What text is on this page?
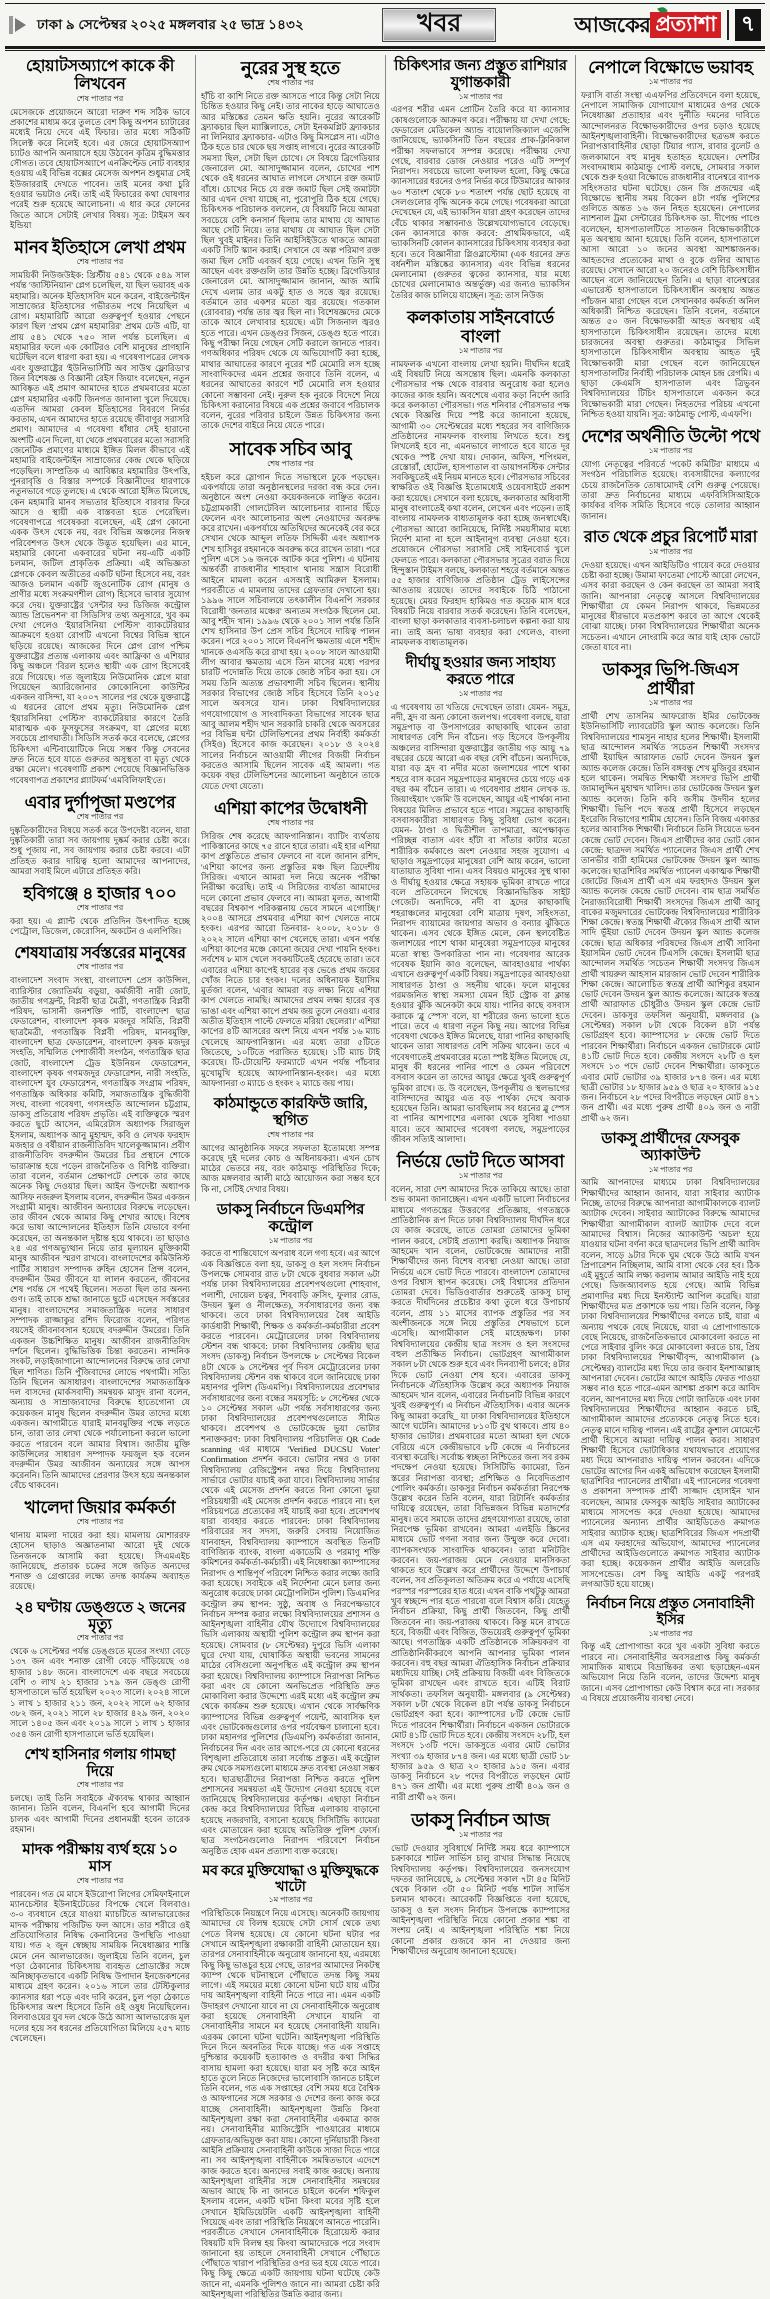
ঢাকা ৯ সেপ্টেম্বর ২০২৫ মঙ্গলবার ২৫ ভাদ্র ১৪৩২	খবর	আজকের প্রত্যাশা ৭
হোয়াটসঅ্যাপে কাকে কী লিখবেন
শেষ পাতার পর

মেসেজকে প্রয়োজনে আরো দারুণ শব্দ সঠিক ভাবে প্রকাশের মাধ্যম করে তুলতে বেশ কিছু অপশন চ্যাটারের মধ্যেই নিয়ে দেবে এই ফিচার। তার মধ্যে সঠিকটি সিলেক্ট করে নিলেই হবে। এর জেরে হোয়াটসঅ্যাপ চ্যাটও আপনি অনায়াসে হয়ে উঠবেন কৃত্রিম বুদ্ধিমত্তার সৌগত। তবে হোয়াটসঅ্যাপে এনক্রিপ্টেড নোট ব্যবহার হওয়ায় এই বিভিন্ন বক্সের মেসেজ অপশন শুধুমাত্র সেই ইউজাররাই দেখতে পাবেন। তাই মনের কথা চুরি হওয়ার ভয়টাও নেই। তাই এই ফিচারের কথা ঘোষণার পরেই শুরু হয়েছে আলোচনা। এ ধার করে ফোনের জিতে আসে সেটাই লেখার বিষয়। সূত্র: টাইমস অব ইন্ডিয়া

মানব ইতিহাসে লেখা প্রথম
শেষ পাতার পর

সাময়িকী নিউজউইক: খ্রিস্টীয় ৫৪১ থেকে ৫৪৯ সাল পর্যন্ত 'জাস্টিনিয়ান' প্লেগ চলেছিল, যা ছিল ভয়াবহ এক মহামারি। অনেক ইতিহাসবিদ মনে করেন, বাইজেন্টাইন সাম্রাজ্যের ইতিহাসের গভীরতম পথে নিয়েছিল এ রোগ। মহামারিটি আরো গুরুত্বপূর্ণ হওয়ার পেছনে কারণ ছিল 'প্রথম প্লেগ মহামারির' প্রথম ঢেউ এটি, যা প্রায় ৫৪১ থেকে ৭৫০ সাল পর্যন্ত চলেছিল। এ মহামারির ফলে এক কোটিরও বেশি মানুষের প্রাণহানি ঘটেছিল বলে ধারণা করা হয়। এ গবেষণাপত্রের লেখক এবং যুক্তরাষ্ট্রের 'ইউনিভার্সিটি অব সাউথ ফ্লোরিডা'র জিন বিশেষজ্ঞ ও বিজ্ঞানী রেইস জিয়াং বলেছেন, নতুন আবিষ্কৃত এই প্রমাণ আমাদের হাতে প্রথমবারের মতো প্লেগ মহামারির একটি জিনগত জানালা খুলে দিয়েছে। এতদিন আমরা কেবল ইতিহাসের বিবরণে নির্ভর করতাম, এখন আমাদের হাতে রয়েছে জীবাণুর সরাসরি প্রমাণ। আমাদের এ গবেষণা ধাঁধার সেই হারানো অংশটি এনে দিলো, যা থেকে প্রথমবারের মতো সরাসরি জেনেটিক প্রমাণের মাধ্যমে ইঙ্গিত মিলল কীভাবে এই মহামারি বাইজেন্টাইন সাম্রাজ্যের কেন্দ্র থেকে ছড়িয়ে পড়েছিল। সাম্প্রতিক এ আবিষ্কার মহামারির উৎপত্তি, পুনরাবৃত্তি ও বিস্তার সম্পর্কে বিজ্ঞানীদের ধারণাকে নতুনভাবে গড়ে তুলছে। এ থেকে আরো ইঙ্গিত মিলেছে, কেন মহামারি মানব সভ্যতার ইতিহাসে বারবার ফিরে আসে ও স্থায়ী এক বাস্তবতা হতে পেরেছিল। গবেষণাপত্রে গবেষকরা বলেছেন, এই প্লেগ কোনো একক উৎস থেকে নয়, বরং বিভিন্ন অঞ্চলের নিজস্ব পরিবেশগত উৎস থেকে উদ্ভূত হয়েছিল। এর মানে, মহামারি কোনো একবারের ঘটনা নয়-এটি একটি চলমান, জটিল প্রাকৃতিক প্রক্রিয়া। এই অভিজ্ঞতা প্লেগকে কেবল অতীতের একটি ঘটনা হিসেবে নয়, বরং আজও চলমান একটি জুওনোটিক রোগ (মানুষ ও প্রাণীর মধ্যে সংক্রমণশীল রোগ) হিসেবে ভাবার সুযোগ করে দেয়। যুক্তরাষ্ট্রের 'সেন্টার ফর ডিজিজ কন্ট্রোল অ্যান্ড প্রিভেনশন' বা সিডিসি'র তথ্য অনুসারে, খুব কম দেখা গেলেও 'ইয়ারসিনিয়া পেস্টিস' ব্যাকটেরিয়ার আক্রমণে হওয়া রোগটি এখনো বিশ্বের বিভিন্ন স্থানে ছড়িয়ে রয়েছে। আজকের দিনে প্লেগ রোগ পশ্চিম যুক্তরাষ্ট্রের প্রত্যন্ত এলাকায় এবং আফ্রিকা ও এশিয়ার কিছু অঞ্চলে 'বিরল হলেও স্থায়ী' এক রোগ হিসেবেই রয়ে গিয়েছে। গত জুলাইয়ে নিউমোনিক প্লেগে মারা গিয়েছেন অ্যারিজোনার কোকোনিনো কাউন্টির একজন বাসিন্দা, যা ২০০৭ সালের পর থেকে যুক্তরাষ্ট্রে এ ধরনের রোগে প্রথম মৃত্যু। নিউমোনিক প্লেগ 'ইয়ারসিনিয়া পেস্টিস' ব্যাকটেরিয়ার কারণে তৈরি মারাত্মক এক ফুসফুসের সংক্রমণ, যা প্লেগের মধ্যে সবচেয়ে প্রাণঘাতী। সিডিসি সতর্ক করে বলেছে, প্লেগের চিকিৎসা এন্টিবায়োটিকে নিয়ে সম্ভব 'কিন্তু সেবনের দ্রুত নিতে হবে যাতে গুরুতর অসুস্থতা বা মৃত্যু থেকে রক্ষা মেলে'। গবেষণাটি প্রকাশ পেয়েছে বিজ্ঞানভিত্তিক গবেষণাপত্র প্রকাশের প্ল্যাটফর্ম 'এমবিলিফাই'তে।

এবার দুর্গাপূজা মণ্ডপের
শেষ পাতার পর

দুষ্কৃতিকারীদের বিষয়ে সতর্ক করে উপদেষ্টা বলেন, যারা দুষ্কৃতিকারী তারা সব জায়গায় দুষ্কর্ম করার চেষ্টা করে। শুধু পূজায় না, সব জায়গায় করার চেষ্টা করবে। এটা প্রতিহত করার দায়িত্ব হলো আমাদের আপনাদের, আমরা সবাই মিলে এটারে প্রতিহত করি।

হবিগঞ্জে ৪ হাজার ৭০০
শেষ পাতার পর

করা হয়। এ প্ল্যান্ট থেকে প্রতিদিন উৎপাদিত হচ্ছে পেট্রোল, ডিজেল, কেরোসিন, অকটেন ও এলপিজি।

শেষযাত্রায় সর্বস্তরের মানুষের
শেষ পাতার পর

বাংলাদেশ সংবাদ সংস্থা, বাংলাদেশ প্রেস কাউন্সিল, ব্যারিস্টার জ্যোতির্ময় বড়ুয়া, কর্মজীবী নারী জোট, জাতীয় গণফ্রন্ট, বিপ্লবী ছাত্র মৈত্রী, গণতান্ত্রিক বিপ্লবী পরিষদ, ভাসানী জনশক্তি পার্টি, বাংলাদেশ ছাত্র ফেডারেশন, বাংলাদেশ কৃষক মজদুর সমিতি, বিপ্লবী ছাত্রমৈত্রী, গণতান্ত্রিক বিপ্লবী পরিষদ, মানবমুক্তি, বাংলাদেশ ছাত্র ফেডারেশন, বাংলাদেশ কৃষক মজদুর সংহতি, সম্মিলিত পেশাজীবী সংগঠন, গণতান্ত্রিক ছাত্র জোট, বাংলাদেশ ট্রেড ইউনিয়ন ফেডারেশন, বাংলাদেশ কৃষক গণমজদুর ফেডারেশন, নারী সংহতি, বাংলাদেশ যুব ফেডারেশন, গণতান্ত্রিক সংগ্রাম পরিষদ, গণতান্ত্রিক অধিকার কমিটি, সমাজতান্ত্রিক বুদ্ধিজীবী সংঘ, বাংলা গবেষণা, গণসংহতি আন্দোলন চট্টগ্রাম, ডাকসু প্রতিরোধ পরিষদ প্রভৃতি। এই ব্যক্তিত্বকে স্মরণ করতে ছুটে আসেন, এমিরেটাস অধ্যাপক সিরাজুল ইসলাম, অধ্যাপক আনু মুহাম্মদ, কবি ও লেখক ফরহাদ মজহার ও বর্ষীয়ান রাজনীতিবিদ খালেকুজ্জামান। প্রবীণ রাজনীতিবিদ বদরুদ্দীন উমরের চির প্রস্থানে শোকে ভারাক্রান্ত হয়ে পড়েন রাজনৈতিক ও বিশিষ্ট ব্যক্তিরা। তারা বলেন, বর্তমান প্রেক্ষাপটে দেশকে তার কাছে অনেক কিছু দেওয়ার ছিল। আইন উপদেষ্টা অধ্যাপক আসিফ নজরুল ইসলাম বলেন, বদরুদ্দীন উমর একজন সংগ্রামী মানুষ। আজীবন অন্যায়ের বিরুদ্ধে লড়েছেন। তার জীবন থেকে আমার কিছু শেখার আছে। বিশেষ করে ভাষা আন্দোলনের ইতিহাস তিনি যেভাবে বর্ণনা করেছেন, তা অনন্তকাল দৃষ্টান্ত হয়ে থাকবে। তা ছাড়াও ২৪ এর গণঅভ্যুত্থান নিয়ে তার মূল্যায়ন মুক্তিকামী মানুষ আজীবন স্মরণ রাখবে। বাংলাদেশের কমিউনিস্ট পার্টির সাধারণ সম্পাদক রুহিন হোসেন প্রিন্স বলেন, বদরুদ্দীন উমর জীবনে যা লালন করতেন, জীবনের শেষ পর্যন্ত সে পথেই ছিলেন। সততা ছিল তার অনন্য গুণ। তাই তাকে শ্রদ্ধা জানাতে ছুটে এসেছেন সর্বস্তরের মানুষ। বাংলাদেশের সমাজতান্ত্রিক দলের সাধারণ সম্পাদক রাজ্জাকুর রশিদ ফিরোজ বলেন, পরিণত বয়সেই জীবনাবসান হয়েছে বদরুদ্দীন উমরের। তিনি একজন উচ্চশিক্ষিত মানুষ। আজীবন রাজনীতিবিদ দর্শনে ছিলেন। বুদ্ধিভিত্তিক চিন্তা করতেন। নান্দনিক সংকট, লড়াইজাগানো আন্দোলনের বিরুদ্ধে তার লেখা ছিল শাণিত। তিনি পুঁজিবাদের লোভে পথগামী। সত্যি তিনি ছিলেন অসাধারণ। বাংলাদেশের সমাজতান্ত্রিক দল বাসদের (মার্কসবাদী) সমন্বয়ক মাসুদ রানা বলেন, অন্যায় ও সাম্রাজ্যবাদের বিরুদ্ধে হাতেগোনা যে কয়েকজন মানুষ ছিলেন বদরুদ্দীন উমর তাদের মধ্যে একজন। আগামীতে যারাই মানবমুক্তির পক্ষে লড়তে চান, তারা তার লেখা থেকে পর্যালোচনা করলে ভালো করতে পারবেন বলে আমার বিশ্বাস। জাতীয় মুক্তি কাউন্সিলের সাধারণ সম্পাদক ফয়জুল হক বলেন বদরুদ্দীন উমর আজীবন অন্যায়ের সঙ্গে আপস করেননি। তিনি আমাদের প্রেরণার উৎস হয়ে অনন্তকাল বেঁচে থাকবেন।

খালেদা জিয়ার কর্মকর্তা
শেষ পাতার পর

থানায় মামলা দায়ের করা হয়। মামলায় মোশাররফ হোসেন ছাড়াও অজ্ঞাতনামা আরো দুই থেকে তিনজনকে আসামি করা হয়েছে। সিএমএইচ জানিয়েছে, প্রতারক চক্রের সঙ্গে জড়িত অন্যদের শনাক্ত ও গ্রেপ্তারের লক্ষ্যে তদন্ত কার্যক্রম অব্যাহত রয়েছে।

২৪ ঘণ্টায় ডেঙ্গুতে ২ জনের মৃত্যু
শেষ পাতার পর

থেকে ৬ সেপ্টেম্বর পর্যন্ত ডেঙ্গুতে মৃতের সংখ্যা বেড়ে ১৩৭ জন এবং শনাক্ত রোগী বেড়ে দাঁড়িয়েছে ৩৪ হাজার ১৪৮ জনে। বাংলাদেশে এক বছরে সবচেয়ে বেশি ৩ লাখ ২১ হাজার ১৭৯ জন ডেঙ্গু রোগী হাসপাতালে ভর্তি হয়েছিল ২০২৩ সালে। ২০২৪ সালে ১ লাখ ১ হাজার ২১১ জন, ২০২২ সালে ৬২ হাজার ৩৮২ জন, ২০২১ সালে ২৮ হাজার ৪২৯ জন, ২০২০ সালে ১৪০৫ জন এবং ২০১৯ সালে ১ লাখ ১ হাজার ৩৫৪ জন রোগী হাসপাতালে ভর্তি হয়েছিল।

শেখ হাসিনার গলায় গামছা দিয়ে
শেষ পাতার পর

চলছে। তাই তিনি সবাইকে ঐক্যবদ্ধ থাকার আহ্বান জানান। তিনি বলেন, বিএনপি হবে আগামী দিনের চালক এবং আগামী দিনের প্রধানমন্ত্রী হবেন তারেক রহমান।

মাদক পরীক্ষায় ব্যর্থ হয়ে ১০ মাস
শেষ পাতার পর

পারবেন। গত মে মাসে ইউরোপা লিগের সেমিফাইনালে ম্যানচেস্টার ইউনাইটেডের বিপক্ষে খেলে বিলবাও। ৩-০ ব্যবধানে হেরে যাওয়া ম্যাচটিতে আলভারেজের মাদক পরীক্ষায় পজিটিভ ফল আসে। তার শরীরে ওই প্রতিযোগিতার নিষিদ্ধ কেনাবিনের উপস্থিতি পাওয়া যায়। গত ২ জুন স্বেচ্ছায় সাময়িক নিষেধাজ্ঞার শাস্তি মেনে নেন আলভারেজ। জুলাইয়ে তিনি বলেন, চুল পড়া ঠেকানোর চিকিৎসায় ব্যবহৃত প্রোডাক্টের সঙ্গে অনিচ্ছাকৃতভাবে একটি নিষিদ্ধ উপাদান ইনজেকশনের মাধ্যমে গ্রহণ করেন। ২০১৬ সালে তার টেস্টিকুলার ক্যানসার ধরা পড়ে এবং দাবি করেন, চুল পড়া ঠেকাতে চিকিৎসার অংশ হিসেবে তিনি ওই ওষুধ নিয়েছিলেন। বিলবাওয়ের যুব দল থেকে উঠে আসা আলভারেজ মূল দলের হয়ে সব ধরনের প্রতিযোগিতা মিলিয়ে ২৫৭ ম্যাচ খেলেছেন।

নুরের সুস্থ হতে
শেষ পাতার পর

হাঁচি বা কাশি নিতে রক্ত আসতে পারে কিন্তু সেটা নিয়ে চিন্তিত হওয়ার কিছু নেই। তার নাকের হাড়ে আঘাতেও আর মস্তিষ্কের তেমন ক্ষতি হয়নি। নুরের আরেকটি ফ্র্যাকচার ছিল ম্যাক্সিলাতে, সেটা ইনকমপ্লিট ফ্র্যাকচার না লিনিয়ার ফ্র্যাকচার- এটাও কিছু মিসপ্লেস না। এটাও ঠিক হতে চার থেকে ছয় সপ্তাহ লাগবে। নুরের আরেকটি সমস্যা ছিল, সেটা ছিল চোখে। সে বিষয়ে ব্রিগেডিয়ার জেনারেল মো. আসাদুজ্জামান বলেন, চোখের পাশ থেকে ওই ধরনের আঘাত লাগলে সেখানে রক্ত জমাট বাঁধে। চোখের নিচে যে রক্ত জমাট ছিল সেই জমাটটা আর এখন দেখা যাচ্ছে না, পুরোপুরি ঠিক হয়ে গেছে। চিকিৎসক পরিচালক বললেন, যে বিষয়টি নিয়ে আমরা সবচেয়ে বেশি কনসার্ন ছিলাম তার মাথায় যে আঘাত আছে সেটি নিয়ে। তার মাথায় যে আঘাত ছিল সেটা ছিল খুবই মাইনর। তিনি আইসিইউতে থাকতে আমরা একটি সিটি স্ক্যান করাই। সেখানে যে অল্প পরিমাণ রক্ত জমা ছিল সেটি এবজর্ব হয়ে গেছে। এখন তিনি সুস্থ আছেন এবং রক্তগুলি তার উন্নতি হচ্ছে। ব্রিগেডিয়ার জেনারেল মো. আসাদুজ্জামান জানান, আজ আমি দেখে এলাম তার একটু হাত ও সত্তে জ্বর রয়েছে। বর্তমানে তার একশর মতো জ্বর রয়েছে। গতকাল (রোববার) পর্যন্ত তার জ্বর ছিল না। বিশেষজ্ঞদের মেকে তাকে আবে লেখাবার হয়েছে। এটা সিজনাল জ্বরও হতে পারে। এখন ডেঙ্গুর সিজন, ডেঙ্গু হতে পারে। কিছু পরীক্ষা নিয়ে গেছেন সেটি করালে জানতে পারব। গণঅধিকার পরিষদ থেকে যে অভিযোগটি করা হচ্ছে, মাথার আঘাতের কারণে নুরের শর্ট মেমোরি লস হচ্ছে সাংবাদিকদের এমন প্রশ্নের জবাবে তিনি বলেন, এ ধরনের আঘাতের কারণে শর্ট মেমোরি লস হওয়ার কোনো সম্ভাবনা নেই। নুরুল হক নুরকে বিদেশে নিয়ে চিকিৎসা করানোর বিষয়ে এক প্রশ্নের জবাবে পরিচালক বলেন, নুরের পরিবার চাইলে উন্নত চিকিৎসার জন্য তাকে দেশের বাইরে নিয়ে যেতে পারে।

সাবেক সচিব আবু
শেষ পাতার পর

হইচল করে স্লোগান দিতে সভাস্থলে ঢুকে পড়ছেন। একপর্যায়ে তারা অনুষ্ঠানস্থলের দরজা বন্ধ করে দেন। অনুষ্ঠানে অংশ নেওয়া কয়েকজনকে লাঞ্ছিত করেন। চট্টগ্রামকারী গোলটেবিল আলোচনার ব্যানার ছিঁড়ে ফেলেন এবং আলোচনার অংশ নেওয়াদের অবরুদ্ধ করে রাখেন। একপর্যায়ে অতিথিদের অনেকেই বের করে সেখান থেকে আব্দুল লতিফ সিদ্দিকী এবং অধ্যাপক শেখ হাসিবুর রহমানকে অবরুদ্ধ করে রাখেন তারা। পরে পুলিশ এসে ১৬ জনকে আটক করে পুলিশ। এ ঘটনায় অন্তর্বর্তী রাজধানীর শাহবাগ থানায় সন্ত্রাস বিরোধী আইনে মামলা করেন এসআই আমিরুল ইসলাম। পরবর্তীতে এ মামলায় তাদের গ্রেফতার দেখানো হয়। ১৯৯৬ সালে সচিবালয়ে তৎকালীন বিএনপি সরকার বিরোধী 'জনতার মঞ্চের' অন্যতম সংগঠক ছিলেন মো. আবু শহীদ খান। ১৯৯৬ থেকে ২০০১ সাল পর্যন্ত তিনি শেখ হাসিনার উপ প্রেস সচিব হিসেবে দায়িত্ব পালন করেন। পরে ২০০১ সালে বিএনপি ক্ষমতায় এলে শহীদ খানকে ওএসডি করে রাখা হয়। ২০০৮ সালে আওয়ামী লীগ আবার ক্ষমতায় এসে তিন মাসের মধ্যে পরপর চারটি পদোন্নতি দিয়ে তাকে জ্যেষ্ঠ সচিব করা হয়। সে সময় তিনি অত্যন্ত প্রভাবশালী সচিব ছিলেন। স্থানীয় সরকার বিভাগের জ্যেষ্ঠ সচিব হিসেবে তিনি ২০১৫ সালে অবসরে যান। ঢাকা বিশ্ববিদ্যালয়ের গণযোগাযোগ ও সাংবাদিকতা বিভাগের সাবেক ছাত্র আবু আলম শহীদ খান সরকারি চাকরি থেকে অবসরের পর বিভিন্ন ঘন্টা টেলিভিশনের প্রথম নির্বাহী কর্মকর্তা (সিইও) হিসেবে কাজ করেছেন। ২০১৮ ও ২০২৪ সালের নির্বাচনে আওয়ামী লীগের বিজয়ী নির্বাচন করতেও আসামি ছিলেন সাবেক এই আমলা। গত কয়েক বছর টেলিভিশনের আলোচনা অনুষ্ঠানে তাকে যেতে দেখা যেতো।

এশিয়া কাপের উদ্বোধনী
শেষ পাতার পর

সিরিজ শেষ করেছে আফগানিস্তান। ব্যাটিং ব্যর্থতায় পাকিস্তানের কাছে ৭৫ রানে হারে তারা। এই হার এশিয়া কাপ প্রস্তুতিতে প্রভাব ফেলবে না বলে জানান রশিদ, 'এশিয়া কাপের জন্য প্রস্তুতির মঞ্চ ছিল ত্রিদেশীয় সিরিজ। এখানে আমরা দল নিয়ে অনেক পরীক্ষা নিরীক্ষা করেছি। তাই এ সিরিজের ব্যর্থতা আমাদের দলে কোনো প্রভাব ফেলবে না। আমরা মূলত, আগামী বছরের বিশ্বকাপ পরিকল্পনায় ভেবে সামনে এগোচ্ছি।' ২০০৪ আসরে প্রথমবার এশিয়া কাপ খেলতে নামে হংকং। এরপর আরো তিনবার- ২০০৮, ২০১৮ ও ২০২২ সালে এশিয়া কাপ খেলেছে তারা। এখন পর্যন্ত এশিয়া কাপের মঞ্চে কোনো জয়ের দেখা পায়নি হংকং। সর্বশেষ ৮ মাস খেলে সবকয়টিতেই হেরেছে তারা। তবে এবারের এশিয়া কাপেই হারের বৃত্ত ভেঙে প্রথম জয়ের খোঁজ নিতে চার হংকং। দলের অধিনায়ক ইয়াসিম মুর্তজা বলেন, 'এবার আমরা বড় লক্ষ্য নিয়ে এশিয়া কাপ খেলতে নামছি। আমাদের প্রথম লক্ষ্য হারের বৃত্ত ভাঙা এবং এশিয়া কাপে প্রথম জয় তুলে নেওয়া। এবার অতীত ইতিহাস পাল্টে ফেলতে মরিয়া ছেলেরা।' এশিয়া কাপের ৪টি আসরের অংশ নিয়ে এখন পর্যন্ত ১৬ ম্যাচ খেলেছে আফগানিস্তান। এর মধ্যে তারা ৫টিতে জিতেছে, ১০টিতে পরাজিত হয়েছে। ১টি ম্যাচ টাই করেছে। টি-টোয়েন্টি ফরম্যাটে এখন পর্যন্ত পাঁচবার মুখোমুখি হয়েছে আফগানিস্তান-হংকং। এর মধ্যে আফগানরা ৩ ম্যাচে ও হংকং ২ ম্যাচে জয় পায়।

কাঠমান্ডুতে কারফিউ জারি, স্থগিত
শেষ পাতার পর

আগের আনুষ্ঠানিক সফরে সফলতা ইতোমধ্যে সম্পন্ন করেছে দুই দলের কোচ ও অধিনায়করা। এখন চোখ মাঠের ভেতরে নয়, বরং কাঠমান্ডু পরিস্থিতির দিকে; আজ মঙ্গলবার আলী মাঠে আয়োজন করা সম্ভব হবে কি না, সেটিই দেখার বিষয়।

ডাকসু নির্বাচনে ডিএমপির কন্ট্রোল
১ম পাতার পর

করতে বা শান্তিযোগে অপরাধ বলে গণ্য হবে। এর আগে এক বিজ্ঞপ্তিতে বলা হয়, ডাকসু ও হল সংসদ নির্বাচন উপলক্ষে সোমবার রাত ৮টা থেকে বুধবার সকাল ৬টা পর্যন্ত ঢাকা বিশ্ববিদ্যালয়ের প্রবেশপথগুলো (শাহবাগ, পলাশী, দোয়েল চত্বর, শিববাড়ি ক্রসিং, ফুলার রোড, উদয়ন স্কুল ও নীলক্ষেত), সর্বসাধারণের জন্য বন্ধ থাকবে। তবে ঢাকা বিশ্ববিদ্যালয়ের বৈধ আইডি কার্ডধারী শিক্ষার্থী, শিক্ষক ও কর্মকর্তা-কর্মচারীরা প্রবেশ করতে পারবেন। মেট্রোরেলের ঢাকা বিশ্ববিদ্যালয় স্টেশন বন্ধ থাকবে: ঢাকা বিশ্ববিদ্যালয় কেন্দ্রীয় ছাত্র সংসদ (ডাকসু) নির্বাচন উপলক্ষে ৮ সেপ্টেম্বর বিকেল ৪টা থেকে ৯ সেপ্টেম্বর পূর্ব দিবস মেট্রোরেলের ঢাকা বিশ্ববিদ্যালয় স্টেশন বন্ধ থাকবে বলে জানিয়েছে ঢাকা মহানগর পুলিশ (ডিএমপি)। বিশ্ববিদ্যালয়ের প্রবেশদ্বার সর্বসাধারণের জন্য বন্ধের সময়সূচি: ৮ সেপ্টেম্বর থেকে ১০ সেপ্টেম্বর সকাল ৬টা পর্যন্ত সর্বসাধারণের জন্য ঢাকা বিশ্ববিদ্যালয়ের প্রবেশপথগুলোতে সীমিত থাকবে। প্রবেশপথ ও ভোটকেন্দ্রে ভুয়া ভোটার শনাক্তকরণ: ঢাকা বিশ্ববিদ্যালয় পরিচালিত QR Code scanning এর মাধ্যমে 'Verified DUCSU Voter' Confirmation প্রদর্শন করবে। ভোটার নম্বর ও ঢাকা বিশ্ববিদ্যালয় রেজিস্ট্রেশন নম্বর দিয়ে বিশ্ববিদ্যালয় সার্ভারে ভোটার যাচাই করা যাবে। বিশ্ববিদ্যালয় সার্ভার থেকে এই মেসেজ প্রদর্শন করতে বিনা কোনো ভুয়া পরিচয়ধারী এই মেসেজ প্রদর্শন করতে পারবে না। হল পরিচয়পত্রে প্রত্যেকের সই যাচাই করা হবে। প্রবেশপথ যারা ব্যবহার করতে পারবেন: ঢাকা বিশ্ববিদ্যালয় পরিবারের সব সদস্য, জরুরি সেবায় নিয়োজিত যানবাহন, বিশ্ববিদ্যালয় ক্যাম্পাসে অবস্থিত তিনটি বাণিজ্যিক ব্যাংক, বাংলা একাডেমি ও পরমাণু শক্তি কমিশনের কর্মকর্তা-কর্মচারী। এই নিষেধাজ্ঞা ক্যাম্পাসের নিরাপদ ও শান্তিপূর্ণ পরিবেশ নিশ্চিত করার লক্ষ্যে জারি করা হয়েছে। সবাইকে এই নির্দেশনা মেনে চলার জন্য অনুরোধ করেছে ঢাকা মেট্রোপলিটন পুলিশ। ডিএমপির কন্ট্রোল রুম স্থাপন: সুষ্ঠু, অবাধ ও নিরপেক্ষভাবে নির্বাচন সম্পন্ন করার লক্ষ্যে বিশ্ববিদ্যালয়ের প্রশাসন ও আইনশৃঙ্খলা বাহিনীর যৌথ উদ্যোগে বিশ্ববিদ্যালয়ের ভিসি এলাকায় অস্থায়ী পুলিশ কন্ট্রোল রুম স্থাপন করা হয়েছে। সোমবার (৮ সেপ্টেম্বর) দুপুরে ভিসি এলাকা ঘুরে দেখা যায়, ঘোষার্কিত অস্থায়ী ভবনের সামনের মাঠের বেসিগুলো অনুপস্থিত এই কন্ট্রোল রুম স্থাপন করা হয়েছে। বিশ্ববিদ্যালয় ক্যাম্পাসে নিরাপত্তা নিশ্চিত করা এবং যে কোনো অনভিপ্রেত পরিস্থিতি দ্রুত মোকাবিলা করার উদ্দেশ্যে এরই মধ্যে এই কন্ট্রোল রুম থেকে কার্যক্রম শুরু হয়েছে। এখান থেকে সার্বক্ষণিক ক্যাম্পাসের বিভিন্ন গুরুত্বপূর্ণ পয়েন্ট, আবাসিক হল এবং ভোটকেন্দ্রগুলোর ওপর পর্যবেক্ষণ চালানো হবে। ঢাকা মহানগর পুলিশের (ডিএমপি) কর্মকর্তারা জানান, নির্বাচনের দিন এবং তার আগে-পরে যে কোনো ধরনের বিশৃঙ্খলা প্রতিরোধে তারা সর্বোচ্চ প্রস্তুত। এই কন্ট্রোল রুম থেকে সমস্যগুলো মাধ্যমে দ্রুত ব্যবস্থা নেওয়া সম্ভব হবে। ছাত্রছাত্রীদের নিরাপত্তা নিশ্চিত করতে পুলিশ প্রশাসনের সমন্বয়তা এই উদ্যোগ নেওয়া হয়েছে বলে জানিয়েছে বিশ্ববিদ্যালয়ের কর্তৃপক্ষ। এছাড়া নির্বাচন কেন্দ্র করে বিশ্ববিদ্যালয়ের বিভিন্ন এলাকায় বাড়ানো হয়েছে নজরদারি, বসানো হয়েছে সিসিটিভি ক্যামেরা এবং মোতায়েন করা হয়েছে অতিরিক্ত পুলিশ ফোর্স। ছাত্র সংগঠনগুলোও নিরাপদ পরিবেশে নির্বাচন অনুষ্ঠিত হোক এমন প্রত্যাশা ব্যক্ত করেছে।

মব করে মুক্তিযোদ্ধা ও মুক্তিযুদ্ধকে খাটো
১ম পাতার পর

পরিস্থিতিকে নিয়ন্ত্রণে নিয়ে এসেছে। অনেকটি জায়গায় আমাদের যে বিলম্ব হয়েছে সেটা সোর্স থেকে তথ্য পেতে বিলম্ব হয়েছে। যে কোনো ঘটনা ঘটার পর সেখানে আইনশৃঙ্খলা রক্ষাকারী বাহিনী মোতায়েন হয়। তারপর সেনাবাহিনীকে অনুরোধ জানানো হয়, এরমধ্যে কিছু কিছু ভাঙচুর হয়ে গেছে, তারপর আমাদের নিকটস্থ ক্যাম্প থেকে ঘটনাস্থলে পৌঁছাতে তদন্ত কিছু সময় লাগে। এই সময়ের মধ্যে কোনো ঘটনা ঘটে যায় এটির দায় আইনশৃঙ্খলা বাহিনী নিতে পারে না। এমন একটি উদাহরণ দেখানো যাবে না যে সেনাবাহিনীকে অনুরোধ করা হয়েছে সেনাবাহিনী সেখানে যায়নি বা সেনাবাহিনীর সামনে মব হয়েছে সেনাবাহিনী যায়নি। এরকম কোনো ঘটনা ঘটেনি। আইনশৃঙ্খলা পরিস্থিতি দিনে দিনে অবনতির দিকে যাচ্ছে। গত এক সপ্তাহে দুশ্চিন্তার কয়েকটি হত্যাকাণ্ড ও বদরীর কথা সিদ্ধির বাসায় হামলা করা হয়েছে। যারা মব সৃষ্টি করে আইন হাতে তুলে নিতে নিজেদের ভালোবাসি জানতে চাইলে তিনি বলেন, গত এক সপ্তাহের বেশি সময় ধরে বৈশ্বিক ও আফগানের সঙ্গে সরকার ও দেশের জন্য কাজ করে যাচ্ছে সেনাবাহিনী। আইনশৃঙ্খলা উন্নতি কিংবা আইনশৃঙ্খলা রক্ষা করা সেনাবাহিনীর একমাত্র কাজ নয়। সেনাবাহিনীর ম্যাজিস্ট্রেসি পাওয়ারের মাধ্যমে গ্রেফতার/অভিযুক্ত করা যায়। কোনো দুর্নিয়াচারী কিংবা আইনি প্রক্রিয়ায় সেনাবাহিনী কাউকে সাজা দিতে পারে না। সব আইনশৃঙ্খলা বাহিনীকে সমন্বিতভাবে এদেশে কাজ করতে হবে। অন্যদের সবাই কাজ করছে। অন্যায় আইনশৃঙ্খলা বাহিনীর সঙ্গে সেনাবাহিনীর সমন্বয়ের অভাব আছে কি না জানতে চাইলে কর্নেল শফিকুল ইসলাম বলেন, একটি ঘটনা কিংবা মবের সৃষ্টি হলে সেখানে ইমিডিয়েটলি একটি আইনশৃঙ্খলা বাহিনী গিয়েছে এবং তারা পরিস্থিতি নিয়ন্ত্রণে আনতে পারেনি। পরবর্তীতে সেখানে সেনাবাহিনীকে হিরোয়েস্ট করার বিষয়টি যদি বিলম্ব হয় কিংবা আমাদেরকে পরে সংবাদ জানানো হয় তাহলে সেনাবাহিনী সেখানে পৌঁছাতে পৌঁছাতে খারাপ পরিস্থিতির ওপর ভর হয়ে যেতে পারে। কিছু কিছু ক্ষেত্রে একটি জায়গায় ঘটনা ঘটেছে কেউ জানে না, এমনকি পুলিশও জানে না। আমরা চেষ্টা করি আইনশৃঙ্খলা পরিস্থিতির উন্নতি করার জন্য।

চিকিৎসার জন্য প্রস্তুত রাশিয়ার যুগান্তকারী
১ম পাতার পর

এরপর শরীর এমন প্রোটিন তৈরি করে যা ক্যানসার কোষগুলোকে আক্রমণ করে। পরীক্ষায় যা দেখা গেছে: ফেডারেল মেডিকেল অ্যান্ড বায়োলজিক্যাল এজেন্সি জানিয়েছে, ভ্যাকসিনটি তিন বছরের প্রাক-ক্লিনিকাল পরীক্ষা সফলভাবে সম্পন্ন করেছে। পরীক্ষায় দেখা গেছে, বারবার ডোজ নেওয়ার পরেও এটি সম্পূর্ণ নিরাপদ। সবচেয়ে ভালো ফলাফল হলো, কিছু ক্ষেত্রে ক্যানসারের ধরনের ওপর নির্ভর করে টিউমারের আকার ৬০ শতাংশ থেকে ৮০ শতাংশ পর্যন্ত ছোট হয়েছে বা সেলগুলোর বৃদ্ধি অনেক কমে গেছে। গবেষকরা আরো দেখেছেন যে, এই ভ্যাকসিন যারা গ্রহণ করেছেন তাদের বেঁচে থাকার সম্ভাবনাও উল্লেখযোগ্যভাবে বেড়েছে। কেন ক্যানসারে কাজ করবে: প্রাথমিকভাবে, এই ভ্যাকসিনটি কোলন ক্যানসারের চিকিৎসায় ব্যবহার করা হবে। তবে বিজ্ঞানীরা গ্লিওব্লাস্টোমা (এক ধরনের দ্রুত বর্ধনশীল মস্তিষ্কের ক্যানসার) এবং বিভিন্ন ধরনের মেলানোমা (গুরুতর ত্বকের ক্যানসার, যার মধ্যে চোখের মেলানোমাও অন্তর্ভুক্ত) এর জন্যও ভ্যাকসিন তৈরির কাজ চালিয়ে যাচ্ছেন। সূত্র: তাস নিউজ

কলকাতায় সাইনবোর্ডে বাংলা
১ম পাতার পর

নামফলক এখনো বাংলায় লেখা হয়নি। দীর্ঘদিন ধরেই এই বিষয়টি নিয়ে অসন্তোষ ছিল। এমনকি কলকাতা পৌরসভার পক্ষ থেকে বারবার অনুরোধ করা হলেও কাজের কাজ হয়নি। অবশেষে এবার কড়া নির্দেশ জারি করে কলকাতা পৌরসভা। গত শনিবার পৌরসভার পক্ষ থেকে বিজ্ঞপ্তি দিয়ে স্পষ্ট করে জানানো হয়েছে, আগামী ৩০ সেপ্টেম্বরের মধ্যে শহরের সব বাণিজ্যিক প্রতিষ্ঠানের নামফলক বাংলায় লিখতে হবে। শুধু লিখলেই হবে না, এমনভাবে লাগাতে হবে যাতে দূর থেকেও স্পষ্ট দেখা যায়। দোকান, অফিস, শপিংমল, রেস্তোরাঁ, হোটেল, হাসপাতাল বা ডায়াগনস্টিক সেন্টার সবকিছুতেই এই নিয়ম মানতে হবে। পৌরসভার সচিবের স্বাক্ষরিত ওই বিজ্ঞপ্তি ইতোমধ্যেই ওয়েবসাইটে প্রকাশ করা হয়েছে। সেখানে বলা হয়েছে, কলকাতার অধিবাসী মানুষ বাংলাতেই কথা বলেন, লেখেন এবং পড়েন। তাই বাংলায় নামফলক বাধ্যতামূলক করা হচ্ছে জনস্বার্থেই। পৌরসভা আরো জানিয়েছে, নির্দিষ্ট সময়সীমার মধ্যে নির্দেশ মানা না হলে আইনানুগ ব্যবস্থা নেওয়া হবে। প্রয়োজনে পৌরসভা সরাসরি সেই সাইনবোর্ড খুলে ফেলতে পারে। কলকাতা পৌরসভার সূত্রের বরাত দিয়ে হিন্দুস্তান টাইমস বলছে, কলকাতা শহরে বর্তমানে অন্তত ৫৫ হাজার বাণিজ্যিক প্রতিষ্ঠান ট্রেড লাইসেন্সের আওতায় রয়েছে। তাদের সবাইকে চিঠি পাঠানো হয়েছে। মেয়র ফিরহাদ হাকিমও গত কয়েক মাস ধরে বিষয়টি নিয়ে বারবার সতর্ক করেছেন। তিনি বলেছেন, বাংলা ছাড়া কলকাতার ব্যবসা-চলাচল কল্পনা করা যায় না। তাই অন্য ভাষা ব্যবহার করা গেলেও, বাংলা নামফলক বাধ্যতামূলক।

দীর্ঘায়ু হওয়ার জন্য সাহায্য করতে পারে
১ম পাতার পর

এ গবেষণায় তা খতিয়ে দেখেছেন তারা। যেমন- সমুদ্র, নদী, হ্রদ বা অন্য কোনো জলপথ। গবেষণা বলছে, যারা সমুদ্রপাড় বা উপসাগরের কাছাকাছি থাকেন তারা সাধারণত বেশি দিন বাঁচেন। গড় হিসেবে উপকূলীয় অঞ্চলের বাসিন্দারা যুক্তরাষ্ট্রের জাতীয় গড় আয়ু ৭৯ বছরের চেয়ে আরো এক বছর বেশি বাঁচেন। অন্যদিকে, যারা বড় হ্রদ বা নদীর মতো জলাশয়ের পাশে থাকা শহরে বাস করেন সমুদ্রপাড়ের মানুষদের চেয়ে গড়ে এক বছর কম বাঁচেন তারা। এ গবেষণার প্রধান লেখক ড. জিয়াংইয়াং 'জেমি' উ বলেছেন, আয়ুর এই পার্থক্য নানা বিষয়ের মিলিত প্রভাবে হতে পারে। সমুদ্রের কাছাকাছি বসবাসকারীরা সাধারণত কিছু সুবিধা ভোগ করেন। যেমন- ঠাণ্ডা ও দ্বিতীশীল তাপমাত্রা, অপেক্ষাকৃত পরিচ্ছন্ন বাতাস এবং হাঁটা বা সাঁতার কাটার মতো শারীরিক কর্মকাণ্ডে অংশ নেওয়ার সহজ সুযোগ। এ ছাড়াও সমুদ্রপাড়ের মানুষেরা বেশি আয় করেন, ভালো যাতায়াত সুবিধা পান। এসব বিষয়ও মানুষের সুস্থ থাকা ও দীর্ঘায়ু হওয়ার ক্ষেত্রে সহায়ক ভূমিকা রাখতে পারে বলে প্রতিবেদনে লিখেছে বিজ্ঞানভিত্তিক সাইট গেজেট। অন্যদিকে, নদী বা হ্রদের কাছাকাছি শহরাঞ্চলের মানুষেরা বেশি মাত্রায় দূষণ, সহিংসতা, নিরাপদ ব্যায়ামের জায়গার অভাব ও বন্যার ঝুঁকিতে থাকেন। এসব থেকে ইঙ্গিত মেলে, কেন স্থলবেষ্টিত জলাশয়ের পাশে থাকা মানুষেরা সমুদ্রপাড়ের মানুষের মতো স্বাস্থ্য উপকারিতা পান না। গবেষণার আরেক গবেষক ইয়ানি কাও বলেছেন, আবহাওয়ার পার্থক্য এখানে গুরুত্বপূর্ণ একটি বিষয়। সমুদ্রপাড়ের আবহাওয়া সাধারণত ঠাণ্ডা ও সহনীয় থাকে। ফলে মানুষের গরমজনিত স্বাস্থ্য সমস্যা যেমন হিট স্ট্রোক বা ক্লান্ত হওয়ার ঝুঁকি অনেকটা কমে যায়। পানির কাছে বসবাস করাকে 'ব্লু স্পেস' বলে, যা শরীরের জন্য ভালো হতে পারে। তবে এ ধারণা নতুন কিছু নয়। আগের বিভিন্ন গবেষণা থেকেও ইঙ্গিত মিলেছে, যারা পানির কাছাকাছি থাকেন তারা সাধারণত বেশি সক্রিয় থাকেন। তবে এ গবেষণাতেই প্রথমবারের মতো স্পষ্ট ইঙ্গিত মিলেছে যে, মানুষ কী ধরনের পানির পাশে ও কেমন পরিবেশে বসবাস করেন তা তাদের আয়ুর ক্ষেত্রে খুবই গুরুত্বপূর্ণ ভূমিকা রাখে। ড. উ বলেছেন, উপকূলীয় ও স্থলভাগের বাসিন্দাদের আয়ুর এত বড় পার্থক্য দেখে অবাক হয়েছেন তিনি। আমরা ভাবছিলাম সব ধরনের ব্লু স্পেস বা পানির আশপাশের এলাকা থেকে সুবিধা পাওয়া যাবে। তবে আমাদের গবেষণা বলছে, সমুদ্রপাড়ের জীবন সত্যিই আলাদা।

নির্ভয়ে ভোট দিতে আসবা
১ম পাতার পর

বলেন, সারা দেশ আমাদের দিকে তাকিয়ে আছে। তারা শুভ কামনা জানাচ্ছেন। এখন একটি ভালো নির্বাচনের মাধ্যমে গণতন্ত্রের উত্তরণের প্রতিজ্ঞায়, গণতন্ত্রকে প্রাতিষ্ঠানিক রূপ দিতে ঢাকা বিশ্ববিদ্যালয় দীর্ঘদিন ধরে যে কাজ করেছে, তাতে তোমরা তোমাদের ভূমিকা পালন করবে, সেটাই প্রত্যাশা করছি। অধ্যাপক নিয়াজ আহমেদ খান বলেন, ভোটকেন্দ্রে আমাদের নারী শিক্ষার্থীদের জন্য বিশেষ ব্যবস্থা নেওয়া আছে। তারা নির্ভয়ে এসে ভোট দিতে পারবে। বাংলাদেশ তোমাদের ওপর বিশ্বাস স্থাপন করেছে। সেই বিশ্বাসের প্রতিদান তোমরা দেবে। ভিডিওবার্তার শুরুতেই ডাকসু চালু করতে দীর্ঘদিনের প্রচেষ্টার কথা তুলে ধরে উপাচার্য বলেন, প্রায় ১১ মাসের ব্যাপক প্রস্তুতির পর সব অংশীজনকে সঙ্গে নিয়ে প্রস্তুতির শেষভাগে চলে এসেছি। আগামীকাল সেই মাহেন্দ্রক্ষণ। ঢাকা বিশ্ববিদ্যালয়ের কেন্দ্রীয় ছাত্র সংসদ ও হল সংসদের বহুল প্রতীক্ষিত নির্বাচন। ভোটগ্রহণ আগামীকাল সকাল ৮টা থেকে শুরু হবে এবং দিনব্যাপী চলবে; ৪টার দিকে ভোট নেওয়া শেষ হবে। এবারের ডাকসু নির্বাচনকে ঐতিহাসিক উল্লেখ করে অধ্যাপক নিয়াজ আহমেদ খান বলেন, এবারের নির্বাচনটি বিভিন্ন কারণে খুবই গুরুত্বপূর্ণ। এ নির্বাচন ঐতিহাসিক। এবার অনেক কিছু আমরা করেছি_ যা ঢাকা বিশ্ববিদ্যালয়ের ইতিহাসে আগে ঘটেনি। আমাদের ৮১০টি বুথ থাকবে। প্রায় ৪০ হাজার ভোটার। প্রথমবারের মতো আমরা হল থেকে বেরিয়ে এসে কেন্দ্রীয়ভাবে ৮টি কেন্দ্রে এ নির্বাচনের ব্যবস্থা করেছি। সর্বোচ্চ স্বচ্ছতা নিশ্চিতের জন্য সব রকম পদক্ষেপ নেওয়া হয়েছে। সিসিটিভি ক্যামেরা, তিন স্তরের নিরাপত্তা ব্যবস্থা; প্রশিক্ষিত ও নিবেদিতপ্রাণ পোলিং কর্মকর্তা। ডাকসুর নির্বাচন কর্মকর্তারা নিরপেক্ষ উল্লেখ করেন তিনি বলেন, যারা রিটার্নিং কর্মকর্তার দায়িত্বে রয়েছেন, তারা বিভিন্নজন বিভিন্ন মতাদর্শের মানুষ। তবে সমাজে তাদের গ্রহণযোগ্যতা রয়েছে, তারা নিরপেক্ষ ভূমিকা রাখবেন। আমরা এলইডি স্ক্রিনের মাধ্যমে ভোট গণনা সবার জন্য উন্মুক্ত করে দেবো। ব্যাপকসংখ্যক সাংবাদিক থাকবেন। তারা মনিটরিং করবেন। জয়-পরাজয় মেনে নেওয়ার মানসিকতা থাকতে হবে উল্লেখ করে প্রার্থীদের উদ্দেশে উপাচার্য বলেন, সব প্রতিকূলতা অতিক্রম করে এ পর্যায়ে এসেছি পরস্পর পরস্পরের হাত ধরে। এখন বাকি পথটুকু আমরা খুব স্বচ্ছন্দে পার হতে পারবো বলে বিশ্বাস করি। যেহেতু নির্বাচন প্রক্রিয়া, কিছু প্রার্থী জিতবেন, কিছু প্রার্থী জিতবেন না। জয়-পরাজয় থাকবে। কিন্তু মনে রাখতে হবে, বিজয়ী এবং বিজিত, উভয়েরই গুরুত্বপূর্ণ ভূমিকা আছে। গণতান্ত্রিক একটি প্রতিষ্ঠানকে সক্রিয়করণ বা প্রাতিষ্ঠানিকীকরণে আপনি আপনার ভূমিকা পালন করবেন। বহু বছর আমরা ঐতিহাসিক নির্বাচন প্রক্রিয়ার মধ্যদিয়ে যাচ্ছি। সেই প্রক্রিয়ায় বিজয়ী এবং বিজিতকে ভূমিকা রাখছেন এবং রাখতে হবে। এটিই বিরাট সার্থকতা। তফসিল অনুযায়ী- মঙ্গলবার (৯ সেপ্টেম্বর) সকাল ৮টা থেকে বিকেল ৪টা পর্যন্ত ডাকসু নির্বাচনে ভোটগ্রহণ করা হবে। ক্যাম্পাসের ৮টি কেন্দ্রে ভোট দিতে পারবেন শিক্ষার্থীরা। নির্বাচনে একজন ভোটারকে মোট ৪১টি ভোট দিতে হবে। কেন্দ্রীয় সংসদে ২৮টি, হল সংসদে ১৩টি পদে। ডাকসুতে এবার মোট ভোটার সংখ্যা ৩৯ হাজার ৮৭৪ জন। এর মধ্যে ছাত্রী ভোট ১৮ হাজার ৯৫৯ ও ছাত্র ২০ হাজার ৯১৫ জন। এবার ডাকসু নির্বাচনে ২৮ পদের বিপরীতে লড়ছেন মোট ৪৭১ জন প্রার্থী। এর মধ্যে পুরুষ প্রার্থী ৪০৯ জন ও নারী প্রার্থী ৬২ জন।

ডাকসু নির্বাচন আজ
১ম পাতার পর

ভোট দেওয়ার সুবিধার্থে নির্দিষ্ট সময় ধরে ক্যাম্পাসে চক্রাকারে শাটল সার্ভিস চালু রাখার সিদ্ধান্ত নিয়েছে বিশ্ববিদ্যালয় কর্তৃপক্ষ। বিশ্ববিদ্যালয়ের জনসংযোগ দফতর জানিয়েছে, ৯ সেপ্টেম্বর সকাল ৭টা ৪৫ মিনিট থেকে বিকাল ৩টা ৫০ মিনিট পর্যন্ত শাটল সার্ভিস চলমান থাকবে। আরেকটি বিজ্ঞপ্তিতে বলা হয়েছে, ডাকসু ও হল সংসদ নির্বাচন উপলক্ষে ক্যাম্পাসের আইনশৃঙ্খলা পরিস্থিতি নিয়ে কোনো প্রকার শঙ্কা বা সংশয় নেই। এ আইনশৃঙ্খলা পরিস্থিতি শঙ্কা নিয়ে কোনো প্রকার গুজবে কান না দেওয়ার জন্য শিক্ষার্থীদের অনুরোধ জানানো হয়েছে।

নেপালে বিক্ষোভে ভয়াবহ
১ম পাতার পর

ফরাসি বার্তা সংস্থা এএফপির প্রতিবেদনে বলা হয়েছে, নেপালে সামাজিক যোগাযোগ মাধ্যমের ওপর থেকে নিষেধাজ্ঞা প্রত্যাহার এবং দুর্নীতি দমনের দাবিতে আন্দোলনরত বিক্ষোভকারীদের ওপর চড়াও হয়েছে আইনশৃঙ্খলাবাহিনী। বিক্ষোভকারীদের ছত্রভঙ্গ করতে নিরাপত্তাবাহিনীর ছোড়া টিয়ার গ্যাস, রাবার বুলেট ও জলকামানে বহু মানুষ হতাহত হয়েছেন। দেশটির সংবাদমাধ্যম কাঠমান্ডু পোস্ট বলছে, সোমবার সকাল থেকে শুরু হওয়া বিক্ষোভে রাজধানীর বানেশ্বরে ব্যাপক সহিং‌সতার ঘটনা ঘটেছে। জেন জি প্রজন্মের এই বিক্ষোভে স্থানীয় সময় বিকেল ৪টা পর্যন্ত পুলিশের গুলিতে অন্তত ১৬ জন নিহত হয়েছেন। নেপালের ন্যাশনাল ট্রমা সেন্টারের চিকিৎসক ডা. দীপেন্দ্র পাণ্ডে বলেছেন, হাসপাতালটিতে সাতজন বিক্ষোভকারীকে মৃত অবস্থায় আনা হয়েছে। তিনি বলেন, হাসপাতালে আসা আরো ১০ জনের অবস্থা আশঙ্কাজনক। আহতদের প্রত্যেকের মাথা ও বুকে গুলির আঘাত রয়েছে। সেখানে আরো ২০ জনেরও বেশি চিকিৎসাধীন আছেন বলে জানিয়েছেন তিনি। এ ছাড়া বানেশ্বরের এভারেস্ট হাসপাতালে চিকিৎসাধীন অবস্থায় অন্তত পাঁচজন মারা গেছেন বলে সেখানকার কর্মকর্তা অনিল অধিকারী নিশ্চিত করেছেন। তিনি বলেন, বর্তমানে অন্তত ৫০ জন বিক্ষোভকারী আহত অবস্থায় এই হাসপাতালে চিকিৎসাধীন রয়েছেন। তাদের মধ্যে চারজনের অবস্থা গুরুতর। কাঠমান্ডুর সিভিল হাসপাতালে চিকিৎসাধীন অবস্থায় আহত দুই বিক্ষোভকারী মারা গেছেন বলে জানিয়েছেন হাসপাতালটির নির্বাহী পরিচালক মোহন চন্দ্র রেগমি। এ ছাড়া কেএমসি হাসপাতাল এবং ত্রিভুবন বিশ্ববিদ্যালয়ের টিচিং হাসপাতালে একজন করে বিক্ষোভকারী মারা গেছেন। নিহতদের পরিচয় এখনো নিশ্চিত হওয়া যায়নি। সূত্র: কাঠমান্ডু পোস্ট, এএফপি।

দেশের অর্থনীতি উল্টো পথে
১ম পাতার পর

যোগ্য নেতৃত্বের পরিবর্তে 'পকেট কমিটির' মাধ্যমে এ সংগঠন পরিচালিত হয়েছে। ব্যবসায়ীদের কল্যাণের চেয়ে রাজনৈতিক তোষামোদই বেশি গুরুত্ব পেয়েছে। তারা দ্রুত নির্বাচনের মাধ্যমে এফবিসিসিআইকে কার্যকর বণিক সমিতি হিসেবে গড়ে তোলার আহ্বান জানান।

রাত থেকে প্রচুর রিপোর্ট মারা
১ম পাতার পর

দেওয়া হয়েছে। এখন আইডিটিও গায়েব করে দেওয়ার চেষ্টা করা হচ্ছে। উমামা ফাতেমা পোস্টে আরো লেখেন, এসব কারা করছেন ও কেন করছেন তা আমরা সবাই জানি। আপনারা নেতৃত্বে আসলে বিশ্ববিদ্যালয়ের শিক্ষার্থীরা যে কেমন নিরাপদ থাকবে, ভিন্নমতের মানুষের ধীরভাবে মতপ্রকাশ করবে তা আগে থেকেই বোঝা যাচ্ছে। ঢাকা বিশ্ববিদ্যালয়ের শিক্ষার্থীরা অনেক সচেতন। এখানে নোংরামি করে আর যাই হোক ভোটে জেতা যাবে না।

ডাকসুর ভিপি-জিএস প্রার্থীরা
১ম পাতার পর

প্রার্থী শেখ তাসনিম আফরোজ ইমির ভোটকেন্দ্র ইউনিভার্সিটি ল্যাবরেটরি স্কুল অ্যান্ড কলেজে। তিনি বিশ্ববিদ্যালয়ের শামসুন নাহার হলের শিক্ষার্থী। ইসলামী ছাত্র আন্দোলন সমর্থিত 'সচেতন শিক্ষার্থী সংসদ'র প্রার্থী ইয়াছিন আরাফাত ভোট দেবেন উদয়ন স্কুল অ্যান্ড কলেজ কেন্দ্রে। তিনি বঙ্গবন্ধু শেখ মুজিবুর রহমান হলে থাকেন। 'সমন্বিত শিক্ষার্থী সংসদ'র ভিপি প্রার্থী জামালুদ্দিন মুহাম্মদ খালিদ। তার ভোটকেন্দ্র উদয়ন স্কুল অ্যান্ড কলেজ। তিনি কবি জসীম উদদীন হলের শিক্ষার্থী। ভিপি পদে স্বতন্ত্র প্রার্থী হিসেবে লড়ছেন ইংরেজি বিভাগের শামীম হোসেন। তিনি বিজয় একাত্তর হলের আবাসিক শিক্ষার্থী। নির্বাচনে তিনি সিয়েতে ভবন কেন্দ্রে ভোট দেবেন। জিএস প্রার্থীদের কার ভোট কোন কেন্দ্রে: ছাত্রদল সমর্থিত প্যানেলের জিএস প্রার্থী শেখ তানভীর বারী হামিমের ভোটকেন্দ্র উদয়ন স্কুল অ্যান্ড কলেজে। ছাত্রশিবির সমর্থিত প্যানেল একাত্মক শিক্ষার্থী জোটের জিএস প্রার্থী এস এম ফরহাদও উদয়ন স্কুল অ্যান্ড কলেজ কেন্দ্রে ভোট দেবেন। বাম ছাত্র সমর্থিত নৈরাজ্যবিরোধী শিক্ষার্থী সংসদের জিএস প্রার্থী আবু বাকের মজুমদারের ভোটকেন্দ্র বিশ্ববিদ্যালয়ের শারীরিক শিক্ষা কেন্দ্রে। স্বতন্ত্র শিক্ষার্থী ঐক্যের জিএস প্রার্থী আল সাদি ভূঁইয়া ভোট দেবেন উদয়ন স্কুল অ্যান্ড কলেজ কেন্দ্রে। ছাত্র অধিকার পরিষদের জিএস প্রার্থী সাবিনা ইয়াসমিন ভোট দেবেন টিএসসি কেন্দ্রে। ইসলামী ছাত্র আন্দোলন সমর্থিত 'সচেতন শিক্ষার্থী সংসদ'র জিএস প্রার্থী খায়রুল আহসান মারজান ভোট দেবেন শারীরিক শিক্ষা কেন্দ্রে। আলোচিত স্বতন্ত্র প্রার্থী আশিকুর রহমান ভোট দেবেন উদয়ন স্কুল অ্যান্ড কলেজে। আরেক স্বতন্ত্র প্রার্থী আরাফাত চৌধুরীও উদয়ন স্কুল কেন্দ্রে ভোট দেবেন। ডাকসুর তফসিল অনুযায়ী, মঙ্গলবার (৯ সেপ্টেম্বর) সকাল ৮টা থেকে বিকেল ৪টা পর্যন্ত ভোটগ্রহণ হবে। ক্যাম্পাসের ৮ কেন্দ্রে ভোট দিতে পারবেন শিক্ষার্থীরা। নির্বাচনে একজন ভোটারকে মোট ৪১টি ভোট দিতে হবে। কেন্দ্রীয় সংসদে ২৮টি ও হল সংসদে ১৩ পদে ভোট দেবেন শিক্ষার্থীরা। ডাকসুতে এবার মোট ভোটার ৩৯ হাজার ৮৭৪ জন। এর মধ্যে ছাত্রী ভোটার ১৮ হাজার ৯৫৯ ও ছাত্র ২০ হাজার ৯১৫ জন। নির্বাচনে ২৮ পদের বিপরীতে লড়ছেন মোট ৪৭১ জন প্রার্থী। এর মধ্যে পুরুষ প্রার্থী ৪০৯ জন ও নারী প্রার্থী ৬২ জন।

ডাকসু প্রার্থীদের ফেসবুক অ্যাকাউন্ট
১ম পাতার পর

আমি আপনাদের মাধ্যমে ঢাকা বিশ্ববিদ্যালয়ের শিক্ষার্থীদের আহ্বান জানাব, যারা সাইবার অ্যাটাক নিচ্ছে, তাদের বিরুদ্ধে আপনারা আগামীকালকে ব্যালট অ্যাটাক দেবেন। সাইবার অ্যাটাকের বিরুদ্ধে আমাদের শিক্ষার্থীরা আগামীকাল ব্যালট অ্যাটাক দেবে বলে আমাদের বিশ্বাস। নিজের অ্যাকাউন্ট 'অচল' হয়ে যাওয়ার ঘটনা বর্ণনা করে ছাত্রদলের ভিপি প্রার্থী আবিদ বলেন, সাড়ে ৯টার দিকে ঘুম থেকে উঠে আমি যখন প্রিপারেশন নিচ্ছিলাম, আমি বাসা থেকে বের হব। ঠিক এই মুহূর্তে আমি লক্ষ্য করলাম আমার আইডি নাই হয়ে গেছে। ডিজঅ্যাবলড হয়ে গেছে। আমি বিভিন্ন প্রমাণাদির মধ্য দিয়ে ইনস্ট্যান্ট আপিল করেছি। যারা শিক্ষার্থীদের মত প্রকাশকে ভয় পায়। তিনি বলেন, কিন্তু ঢাকা বিশ্ববিদ্যালয়ের শিক্ষার্থীদের বলতে চাই, যারা এ অন্যায় পথকে বেছে নিয়েছে, যারা এ প্রোপাগান্ডাকে বেছে নিয়েছে, রাজনৈতিকভাবে মোকাবেলা করতে না পেরে সাইবার বুলিং করে মোকাবেলা করতে চায়, প্রিয় ঢাকা বিশ্ববিদ্যালয়ের শিক্ষার্থীবৃন্দ, আগামীকাল (৯ সেপ্টেম্বর) ব্যালটের মধ্য দিয়ে তার জবাব ইনশাআল্লাহ আপনারা দেবেন। ভোটের আগে আইডি ফেরত পাওয়া সম্ভব নাও হতে পারে-এমন আশঙ্কা প্রকাশ করে আবিদ বলেন, আপনাদের মধ্য দিয়ে গোটা জাতিকে এবং ঢাকা বিশ্ববিদ্যালয়ের শিক্ষার্থীদের আহ্বান করতে চাই, আগামীকাল আমাদের প্রত্যেককে নেতৃত্ব নিতে হবে। নেতৃত্ব মানে দায়িত্ব পালন। এই রাষ্ট্রের ক্রুশাল মোমেন্টে প্রার্থী হিসেবে আমরা দায়িত্ব পালন করব। সাধারণ শিক্ষার্থী হিসেবে ভোটাধিকার যথাযথভাবে প্রয়োগের মধ্য দিয়ে আপনারাও দায়িত্ব পালন করবেন। এদিকে ভোটের আগের দিন একই অভিযোগ করেছেন ইসলামী ছাত্রশিবির প্যানেলের প্রার্থীরা। এই প্যানেলের গবেষণা ও প্রকাশনা সম্পাদক প্রার্থী সাজ্জাদ হোসাইন খান বলেছেন, আমার ফেসবুক আইডি সাইবার অ্যাটাকের মাধ্যমে সাসপেন্ড করে দেওয়া হয়েছে। আমাদের প্যানেলের অন্যান্য প্রার্থীর আইডিতেও ক্রমাগত সাইবার অ্যাটাক হচ্ছে। ছাত্রশিবিরের জিএস পদপ্রার্থী এস এম ফরহাদের অভিযোগ, আমাদের প্যানেলের প্রার্থীদের আইডিগুলোতে ক্রমাগত সাইবার অ্যাটাক করা হচ্ছে। কয়েকজন প্রার্থীর আইডি অলরেডি সাসপেন্ডেড। বেশ কিছু আইডি একটু পরপরই লগআউট হয়ে যাচ্ছে।

নির্বাচন নিয়ে প্রস্তুত সেনাবাহিনী ইসির
১ম পাতার পর

কিন্তু এই প্রোপাগান্ডা করে খুব একটা সুবিধা করতে পারবে না। সেনাবাহিনীর অবসরপ্রাপ্ত কিছু কর্মকর্তা সামাজিক মাধ্যমে বিভ্রান্তিকর তথ্য ছড়াচ্ছেন-এমন অভিযোগ নিয়ে তিনি বলেন, তাদের উদ্দেশ্য মানুষ জানে। এসব প্রোপাগান্ডা কেউ বিশ্বাস করে না। সরকার এ বিষয়ে প্রয়োজনীয় ব্যবস্থা নেবে।
